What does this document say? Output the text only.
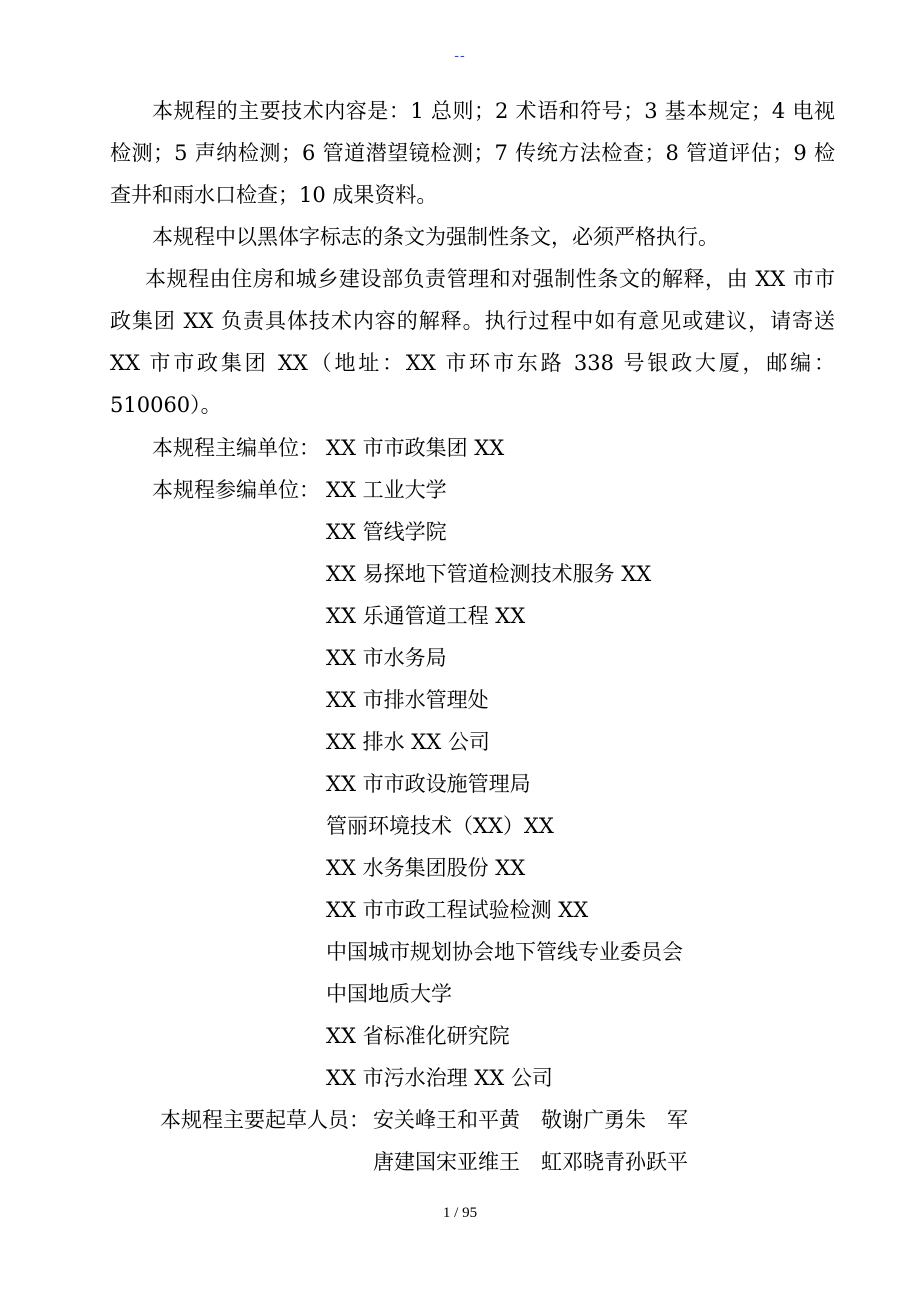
--
本规程的主要技术内容是：1 总则；2 术语和符号；3 基本规定；4 电视检测；5 声纳检测；6 管道潜望镜检测；7 传统方法检查；8 管道评估；9 检查井和雨水口检查；10 成果资料。
本规程中以黑体字标志的条文为强制性条文，必须严格执行。
本规程由住房和城乡建设部负责管理和对强制性条文的解释，由 XX 市市政集团 XX 负责具体技术内容的解释。执行过程中如有意见或建议，请寄送 XX 市市政集团 XX（地址：XX 市环市东路 338 号银政大厦，邮编：510060）。
本规程主编单位： XX 市市政集团 XX
本规程参编单位： XX 工业大学
XX 管线学院
XX 易探地下管道检测技术服务 XX
XX 乐通管道工程 XX
XX 市水务局
XX 市排水管理处
XX 排水 XX 公司
XX 市市政设施管理局
管丽环境技术（XX）XX
XX 水务集团股份 XX
XX 市市政工程试验检测 XX
中国城市规划协会地下管线专业委员会
中国地质大学
XX 省标准化研究院
XX 市污水治理 XX 公司
本规程主要起草人员： 安关峰王和平黄　敬谢广勇朱　军
唐建国宋亚维王　虹邓晓青孙跃平
1 / 95
